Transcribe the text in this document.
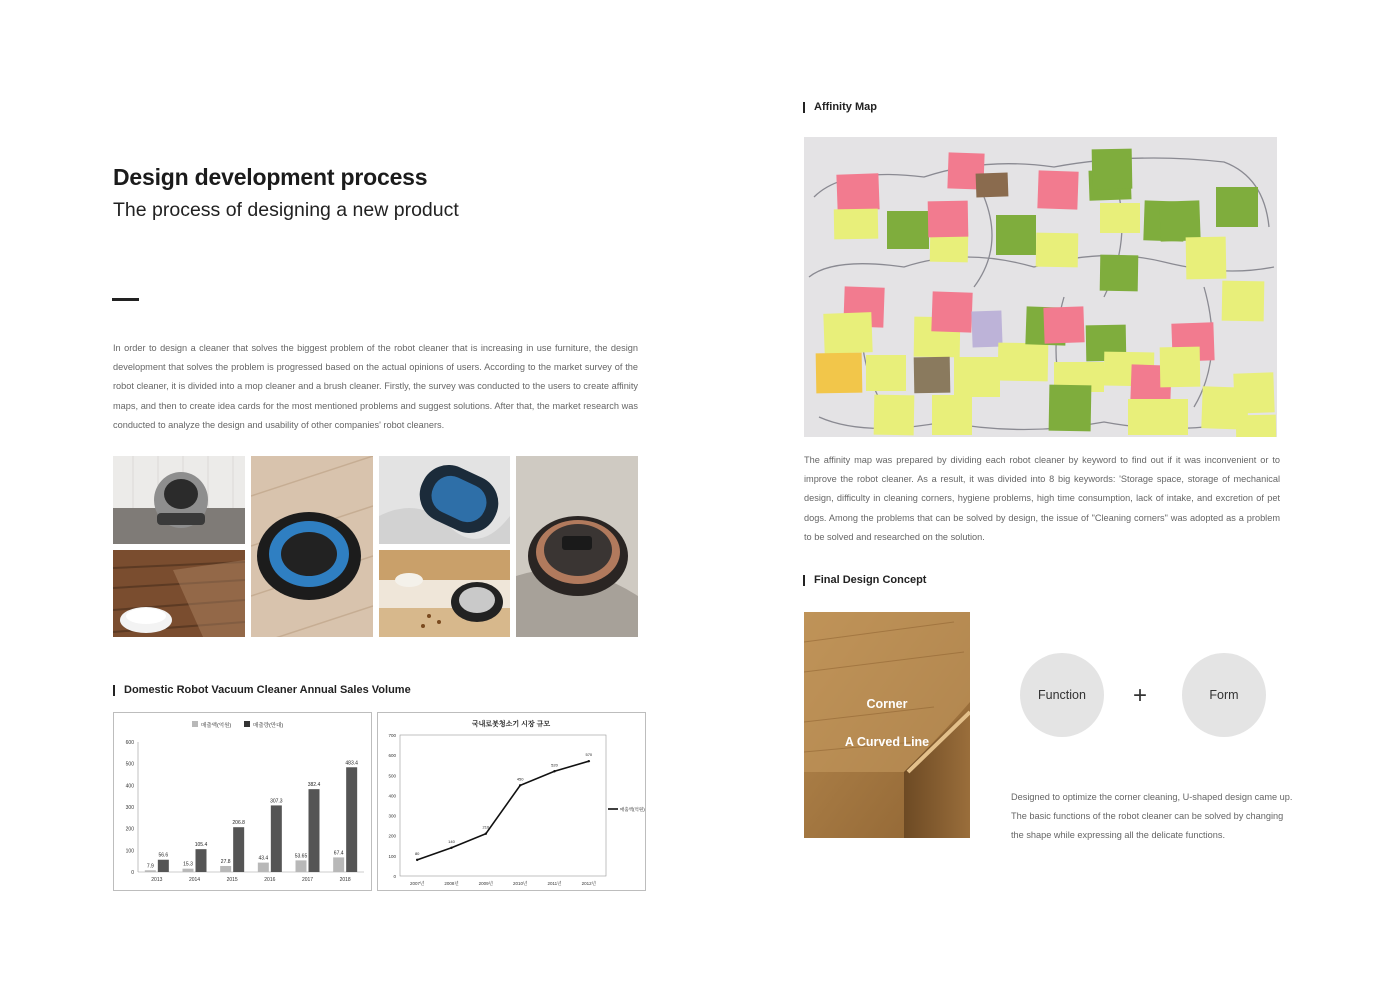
Design development process
The process of designing a new product
In order to design a cleaner that solves the biggest problem of the robot cleaner that is increasing in use furniture, the design development that solves the problem is progressed based on the actual opinions of users. According to the market survey of the robot cleaner, it is divided into a mop cleaner and a brush cleaner. Firstly, the survey was conducted to the users to create affinity maps, and then to create idea cards for the most mentioned problems and suggest solutions. After that, the market research was conducted to analyze the design and usability of other companies' robot cleaners.
Domestic Robot Vacuum Cleaner Annual Sales Volume
매출액(억원)	매출량(만대)
0
100
200
300
400
500
600
2013
7.9
56.6
2014
15.3
105.4
2015
27.8
206.8
2016
43.4
307.3
2017
53.65
382.4
2018
67.4
483.4
국내로봇청소기 시장 규모
0
100
200
300
400
500
600
700
2007년	2008년	2009년	2010년	2011년	2012년
80
140
210
450
520
570
매출액(억원)
Affinity Map
The affinity map was prepared by dividing each robot cleaner by keyword to find out if it was inconvenient or to improve the robot cleaner. As a result, it was divided into 8 big keywords: 'Storage space, storage of mechanical design, difficulty in cleaning corners, hygiene problems, high time consumption, lack of intake, and excretion of pet dogs. Among the problems that can be solved by design, the issue of "Cleaning corners" was adopted as a problem to be solved and researched on the solution.
Final Design Concept
Corner
A Curved Line
Function +	Form
Designed to optimize the corner cleaning, U-shaped design came up. The basic functions of the robot cleaner can be solved by changing the shape while expressing all the delicate functions.
